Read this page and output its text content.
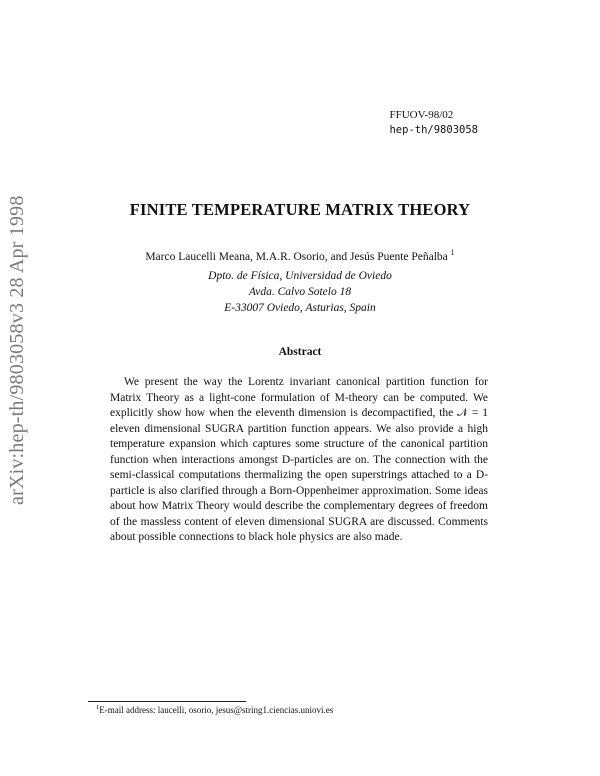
arXiv:hep-th/9803058v3 28 Apr 1998
FFUOV-98/02
hep-th/9803058
FINITE TEMPERATURE MATRIX THEORY
Marco Laucelli Meana, M.A.R. Osorio, and Jesús Puente Peñalba $^1$
Dpto. de Física, Universidad de Oviedo
Avda. Calvo Sotelo 18
E-33007 Oviedo, Asturias, Spain
Abstract
We present the way the Lorentz invariant canonical partition function for Matrix Theory as a light-cone formulation of M-theory can be computed. We explicitly show how when the eleventh dimension is decompactified, the 𝒩 = 1 eleven dimensional SUGRA partition function appears. We also provide a high temperature expansion which captures some structure of the canonical partition function when interactions amongst D-particles are on. The connection with the semi-classical computations thermalizing the open superstrings attached to a D-particle is also clarified through a Born-Oppenheimer approximation. Some ideas about how Matrix Theory would describe the complementary degrees of freedom of the massless content of eleven dimensional SUGRA are discussed. Comments about possible connections to black hole physics are also made.
$^1$E-mail address: laucelli, osorio, jesus@string1.ciencias.uniovi.es
